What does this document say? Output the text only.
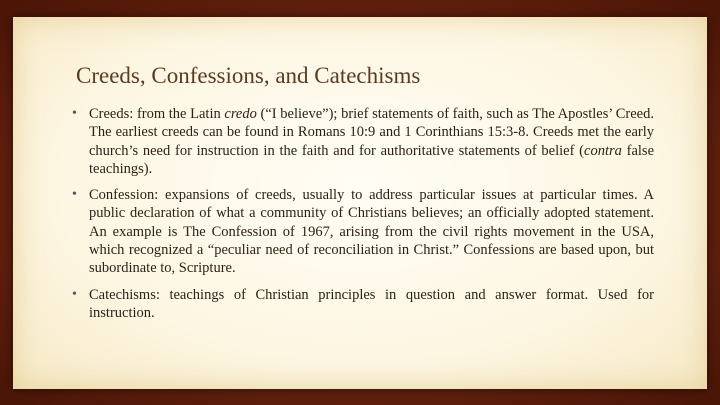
Creeds, Confessions, and Catechisms
• Creeds: from the Latin credo (“I believe”); brief statements of faith, such as The Apostles’ Creed. The earliest creeds can be found in Romans 10:9 and 1 Corinthians 15:3-8. Creeds met the early church’s need for instruction in the faith and for authoritative statements of belief (contra false teachings).
• Confession: expansions of creeds, usually to address particular issues at particular times. A public declaration of what a community of Christians believes; an officially adopted statement. An example is The Confession of 1967, arising from the civil rights movement in the USA, which recognized a “peculiar need of reconciliation in Christ.” Confessions are based upon, but subordinate to, Scripture.
• Catechisms: teachings of Christian principles in question and answer format. Used for instruction.
